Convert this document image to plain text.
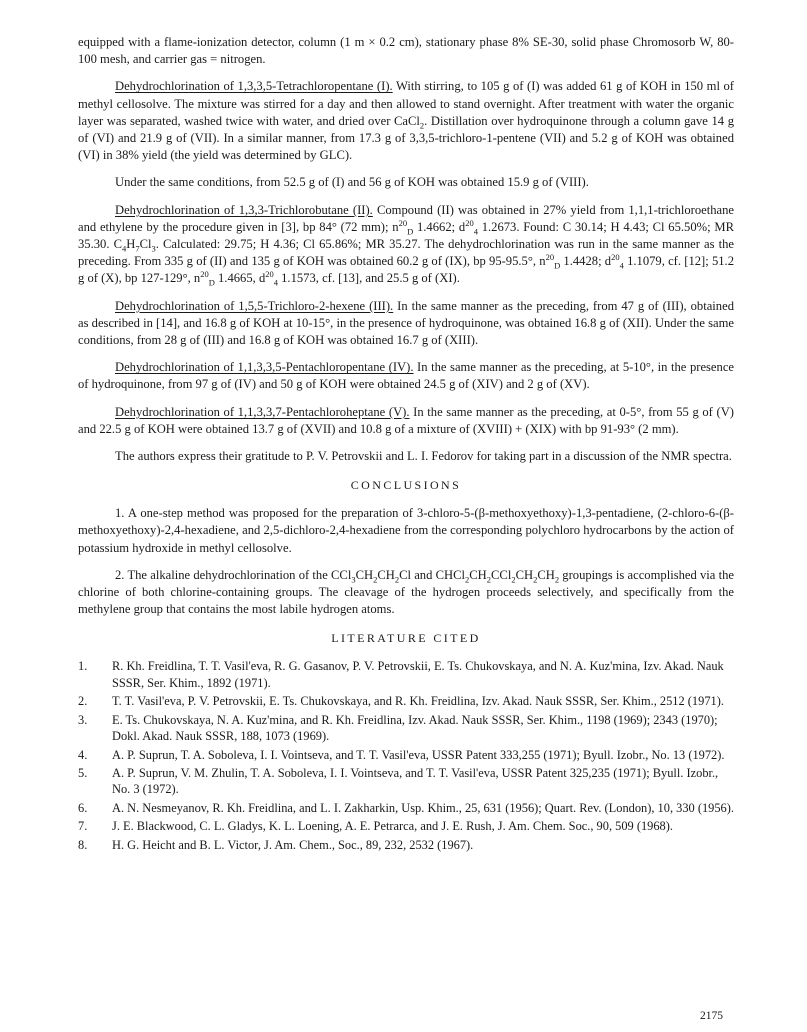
equipped with a flame-ionization detector, column (1 m × 0.2 cm), stationary phase 8% SE-30, solid phase Chromosorb W, 80-100 mesh, and carrier gas = nitrogen.

Dehydrochlorination of 1,3,3,5-Tetrachloropentane (I). With stirring, to 105 g of (I) was added 61 g of KOH in 150 ml of methyl cellosolve. The mixture was stirred for a day and then allowed to stand overnight. After treatment with water the organic layer was separated, washed twice with water, and dried over CaCl$_2$. Distillation over hydroquinone through a column gave 14 g of (VI) and 21.9 g of (VII). In a similar manner, from 17.3 g of 3,3,5-trichloro-1-pentene (VII) and 5.2 g of KOH was obtained (VI) in 38% yield (the yield was determined by GLC).

Under the same conditions, from 52.5 g of (I) and 56 g of KOH was obtained 15.9 g of (VIII).

Dehydrochlorination of 1,3,3-Trichlorobutane (II). Compound (II) was obtained in 27% yield from 1,1,1-trichloroethane and ethylene by the procedure given in [3], bp 84° (72 mm); $n^{20}_D$ 1.4662; $d^{20}_4$ 1.2673. Found: C 30.14; H 4.43; Cl 65.50%; MR 35.30. $C_4H_7Cl_3$. Calculated: 29.75; H 4.36; Cl 65.86%; MR 35.27. The dehydrochlorination was run in the same manner as the preceding. From 335 g of (II) and 135 g of KOH was obtained 60.2 g of (IX), bp 95-95.5°, $n^{20}_D$ 1.4428; $d^{20}_4$ 1.1079, cf. [12]; 51.2 g of (X), bp 127-129°, $n^{20}_D$ 1.4665, $d^{20}_4$ 1.1573, cf. [13], and 25.5 g of (XI).

Dehydrochlorination of 1,5,5-Trichloro-2-hexene (III). In the same manner as the preceding, from 47 g of (III), obtained as described in [14], and 16.8 g of KOH at 10-15°, in the presence of hydroquinone, was obtained 16.8 g of (XII). Under the same conditions, from 28 g of (III) and 16.8 g of KOH was obtained 16.7 g of (XIII).

Dehydrochlorination of 1,1,3,3,5-Pentachloropentane (IV). In the same manner as the preceding, at 5-10°, in the presence of hydroquinone, from 97 g of (IV) and 50 g of KOH were obtained 24.5 g of (XIV) and 2 g of (XV).

Dehydrochlorination of 1,1,3,3,7-Pentachloroheptane (V). In the same manner as the preceding, at 0-5°, from 55 g of (V) and 22.5 g of KOH were obtained 13.7 g of (XVII) and 10.8 g of a mixture of (XVIII) + (XIX) with bp 91-93° (2 mm).

The authors express their gratitude to P. V. Petrovskii and L. I. Fedorov for taking part in a discussion of the NMR spectra.

CONCLUSIONS

1. A one-step method was proposed for the preparation of 3-chloro-5-(β-methoxyethoxy)-1,3-pentadiene, (2-chloro-6-(β-methoxyethoxy)-2,4-hexadiene, and 2,5-dichloro-2,4-hexadiene from the corresponding polychloro hydrocarbons by the action of potassium hydroxide in methyl cellosolve.

2. The alkaline dehydrochlorination of the $CCl_3CH_2CH_2Cl$ and $CHCl_2CH_2CCl_2CH_2CH_2$ groupings is accomplished via the chlorine of both chlorine-containing groups. The cleavage of the hydrogen proceeds selectively, and specifically from the methylene group that contains the most labile hydrogen atoms.

LITERATURE CITED
1.	R. Kh. Freidlina, T. T. Vasil'eva, R. G. Gasanov, P. V. Petrovskii, E. Ts. Chukovskaya, and N. A. Kuz'mina, Izv. Akad. Nauk SSSR, Ser. Khim., 1892 (1971).
2.	T. T. Vasil'eva, P. V. Petrovskii, E. Ts. Chukovskaya, and R. Kh. Freidlina, Izv. Akad. Nauk SSSR, Ser. Khim., 2512 (1971).
3.	E. Ts. Chukovskaya, N. A. Kuz'mina, and R. Kh. Freidlina, Izv. Akad. Nauk SSSR, Ser. Khim., 1198 (1969); 2343 (1970); Dokl. Akad. Nauk SSSR, 188, 1073 (1969).
4.	A. P. Suprun, T. A. Soboleva, I. I. Vointseva, and T. T. Vasil'eva, USSR Patent 333,255 (1971); Byull. Izobr., No. 13 (1972).
5.	A. P. Suprun, V. M. Zhulin, T. A. Soboleva, I. I. Vointseva, and T. T. Vasil'eva, USSR Patent 325,235 (1971); Byull. Izobr., No. 3 (1972).
6.	A. N. Nesmeyanov, R. Kh. Freidlina, and L. I. Zakharkin, Usp. Khim., 25, 631 (1956); Quart. Rev. (London), 10, 330 (1956).
7.	J. E. Blackwood, C. L. Gladys, K. L. Loening, A. E. Petrarca, and J. E. Rush, J. Am. Chem. Soc., 90, 509 (1968).
8.	H. G. Heicht and B. L. Victor, J. Am. Chem., Soc., 89, 232, 2532 (1967).
2175
